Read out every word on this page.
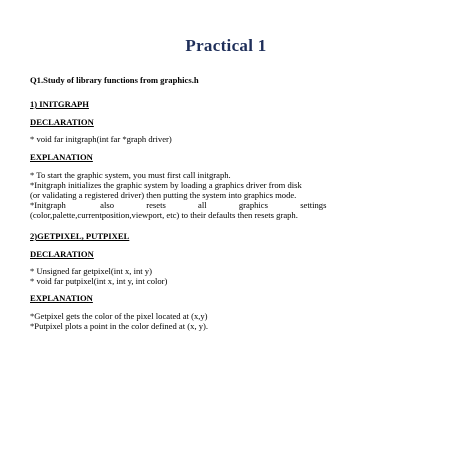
Practical 1
Q1.Study of library functions from graphics.h
1) INITGRAPH
DECLARATION
* void far initgraph(int far *graph driver)
EXPLANATION
* To start the graphic system, you must first call initgraph.
*Initgraph initializes the graphic system by loading a graphics driver from disk
(or validating a registered driver) then putting the system into graphics mode.
*Initgraph                also               resets               all               graphics               settings
(color,palette,currentposition,viewport, etc) to their defaults then resets graph.
2)GETPIXEL, PUTPIXEL
DECLARATION
* Unsigned far getpixel(int x, int y)
* void far putpixel(int x, int y, int color)
EXPLANATION
*Getpixel gets the color of the pixel located at (x,y)
*Putpixel plots a point in the color defined at (x, y).
